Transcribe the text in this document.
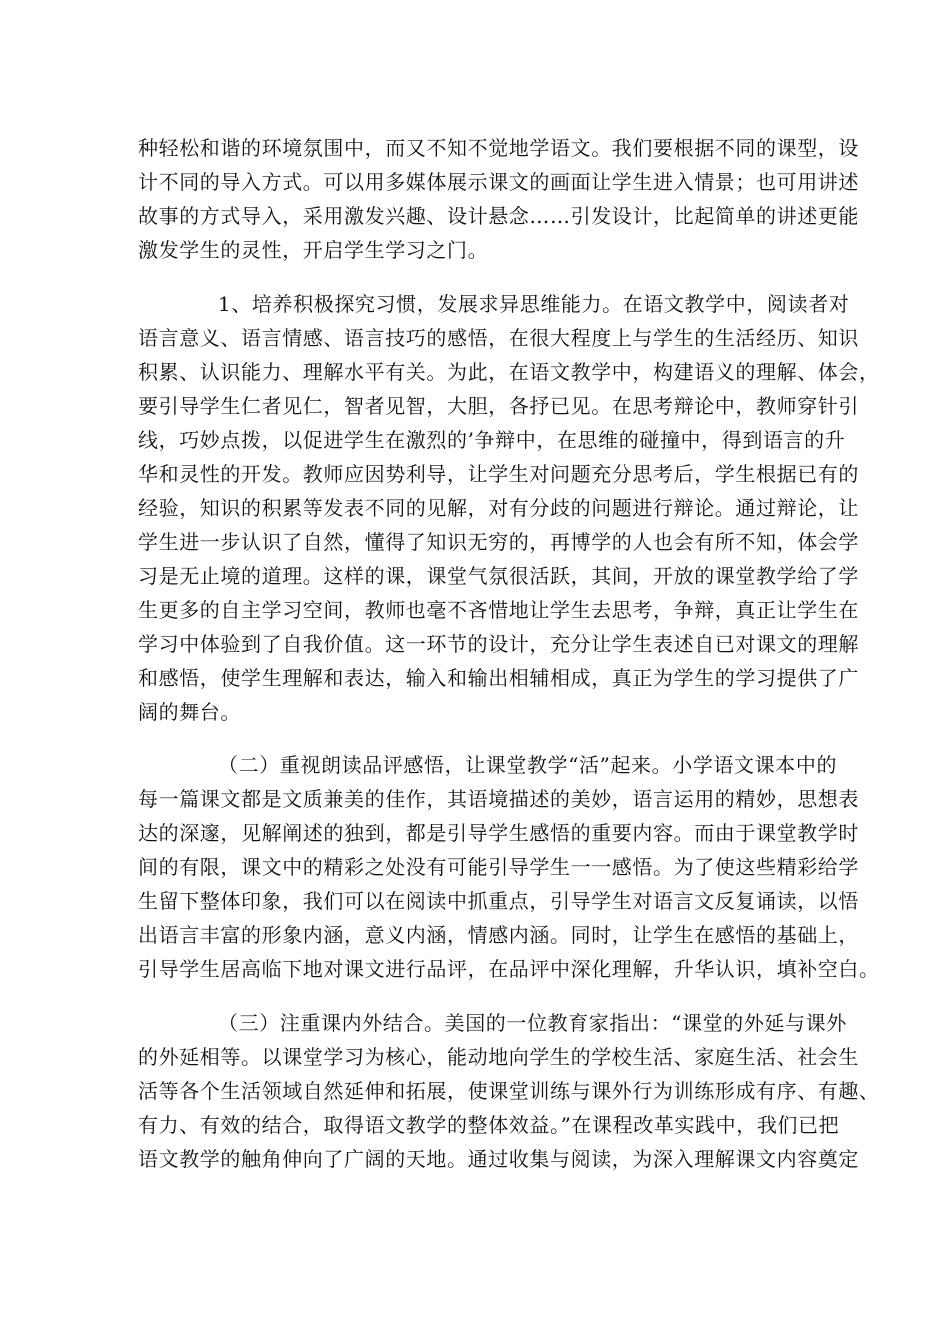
种轻松和谐的环境氛围中，而又不知不觉地学语文。我们要根据不同的课型，设
计不同的导入方式。可以用多媒体展示课文的画面让学生进入情景；也可用讲述
故事的方式导入，采用激发兴趣、设计悬念……引发设计，比起简单的讲述更能
激发学生的灵性，开启学生学习之门。
1、培养积极探究习惯，发展求异思维能力。在语文教学中，阅读者对
语言意义、语言情感、语言技巧的感悟，在很大程度上与学生的生活经历、知识
积累、认识能力、理解水平有关。为此，在语文教学中，构建语义的理解、体会，
要引导学生仁者见仁，智者见智，大胆，各抒已见。在思考辩论中，教师穿针引
线，巧妙点拨，以促进学生在激烈的’争辩中，在思维的碰撞中，得到语言的升
华和灵性的开发。教师应因势利导，让学生对问题充分思考后，学生根据已有的
经验，知识的积累等发表不同的见解，对有分歧的问题进行辩论。通过辩论，让
学生进一步认识了自然，懂得了知识无穷的，再博学的人也会有所不知，体会学
习是无止境的道理。这样的课，课堂气氛很活跃，其间，开放的课堂教学给了学
生更多的自主学习空间，教师也毫不吝惜地让学生去思考，争辩，真正让学生在
学习中体验到了自我价值。这一环节的设计，充分让学生表述自已对课文的理解
和感悟，使学生理解和表达，输入和输出相辅相成，真正为学生的学习提供了广
阔的舞台。
（二）重视朗读品评感悟，让课堂教学“活”起来。小学语文课本中的
每一篇课文都是文质兼美的佳作，其语境描述的美妙，语言运用的精妙，思想表
达的深邃，见解阐述的独到，都是引导学生感悟的重要内容。而由于课堂教学时
间的有限，课文中的精彩之处没有可能引导学生一一感悟。为了使这些精彩给学
生留下整体印象，我们可以在阅读中抓重点，引导学生对语言文反复诵读，以悟
出语言丰富的形象内涵，意义内涵，情感内涵。同时，让学生在感悟的基础上，
引导学生居高临下地对课文进行品评，在品评中深化理解，升华认识，填补空白。
（三）注重课内外结合。美国的一位教育家指出：“课堂的外延与课外
的外延相等。以课堂学习为核心，能动地向学生的学校生活、家庭生活、社会生
活等各个生活领域自然延伸和拓展，使课堂训练与课外行为训练形成有序、有趣、
有力、有效的结合，取得语文教学的整体效益。”在课程改革实践中，我们已把
语文教学的触角伸向了广阔的天地。通过收集与阅读，为深入理解课文内容奠定
